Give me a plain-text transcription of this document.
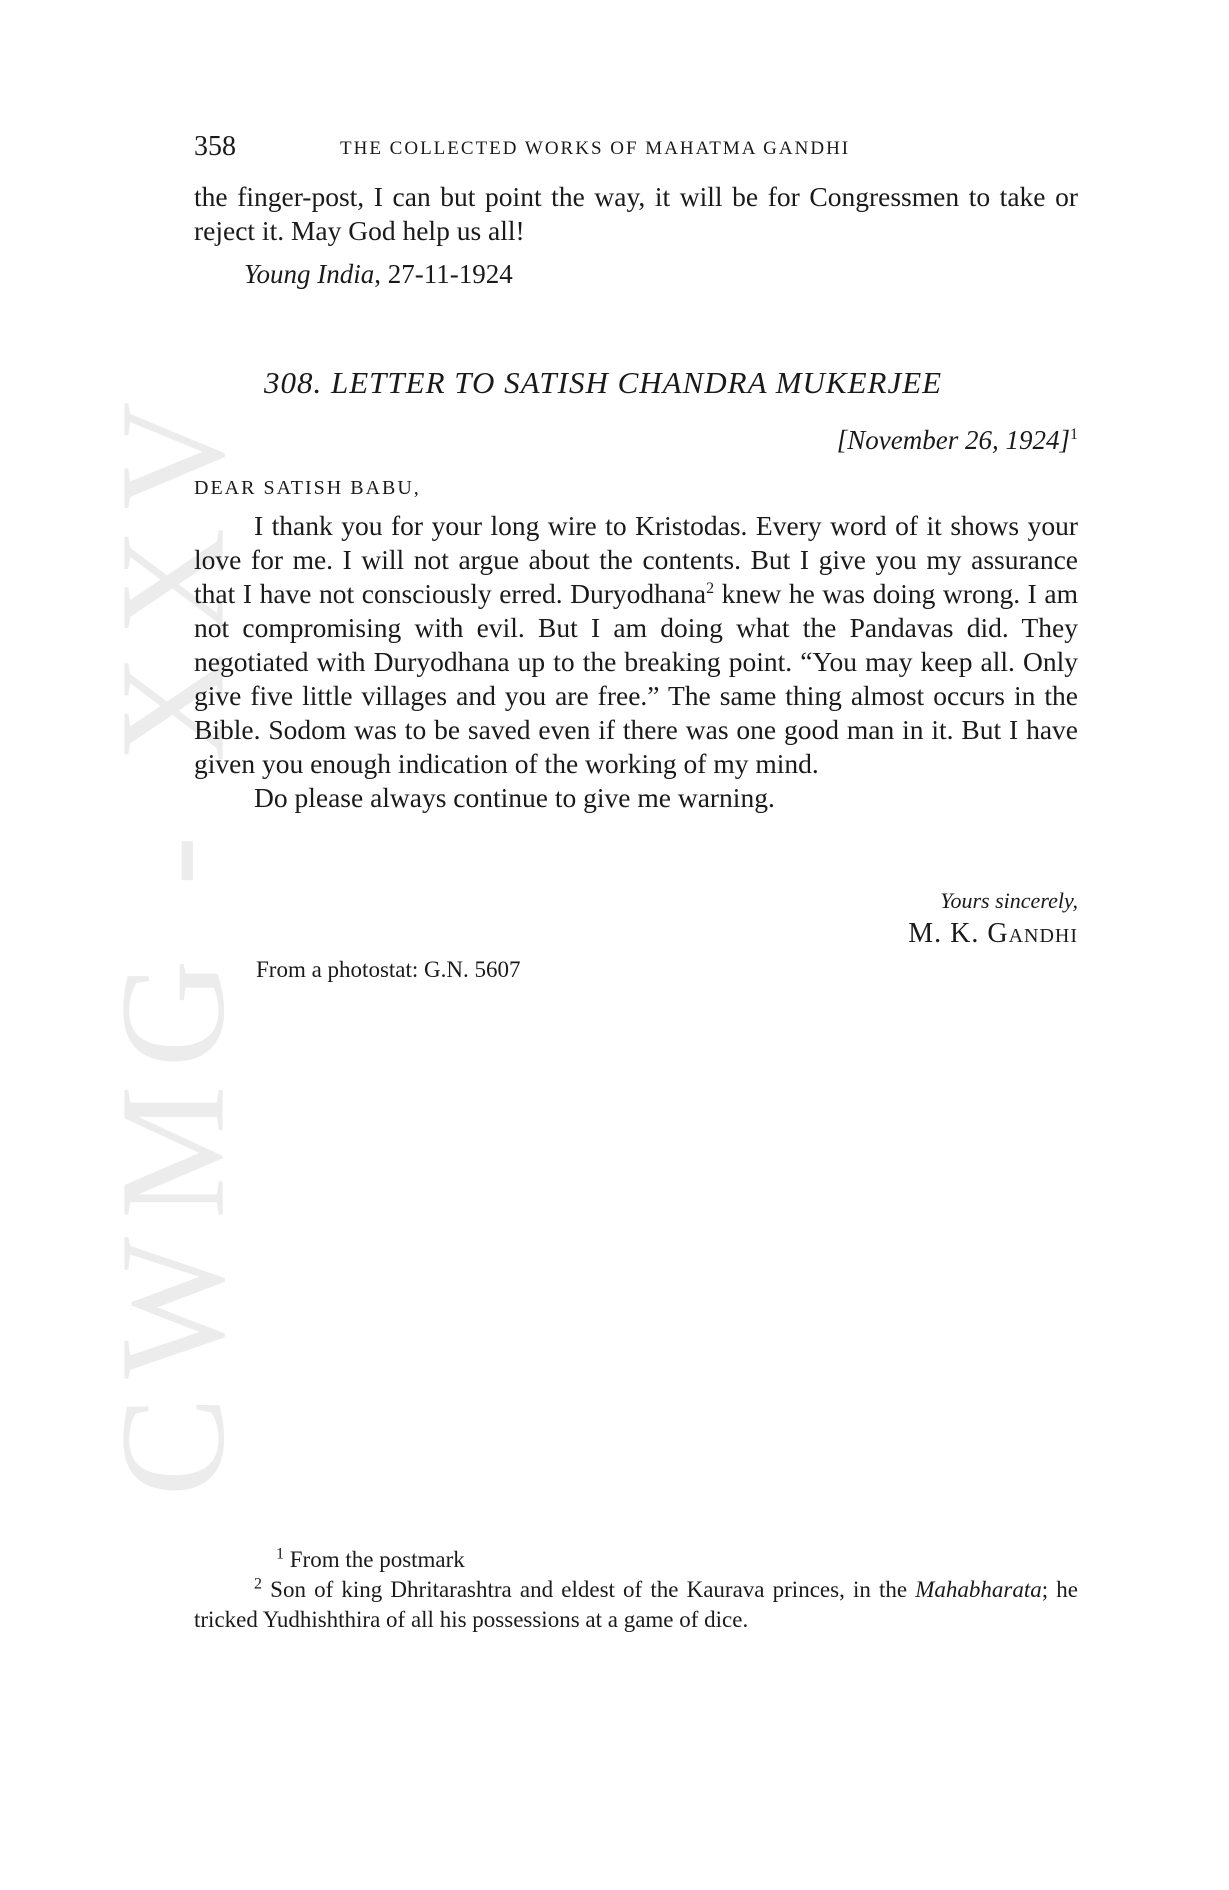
CWMG - XXV
358	THE COLLECTED WORKS OF MAHATMA GANDHI

the finger-post, I can but point the way, it will be for Congressmen to take or reject it. May God help us all!

Young India, 27-11-1924
308. LETTER TO SATISH CHANDRA MUKERJEE
[November 26, 1924]$^1$
DEAR SATISH BABU,

I thank you for your long wire to Kristodas. Every word of it shows your love for me. I will not argue about the contents. But I give you my assurance that I have not consciously erred. Duryodhana$^2$ knew he was doing wrong. I am not compromising with evil. But I am doing what the Pandavas did. They negotiated with Duryodhana up to the breaking point. “You may keep all. Only give five little villages and you are free.” The same thing almost occurs in the Bible. Sodom was to be saved even if there was one good man in it. But I have given you enough indication of the working of my mind.

Do please always continue to give me warning.

Yours sincerely,
M. K. Gandhi
From a photostat: G.N. 5607

$^1$ From the postmark

$^2$ Son of king Dhritarashtra and eldest of the Kaurava princes, in the Mahabharata; he tricked Yudhishthira of all his possessions at a game of dice.
